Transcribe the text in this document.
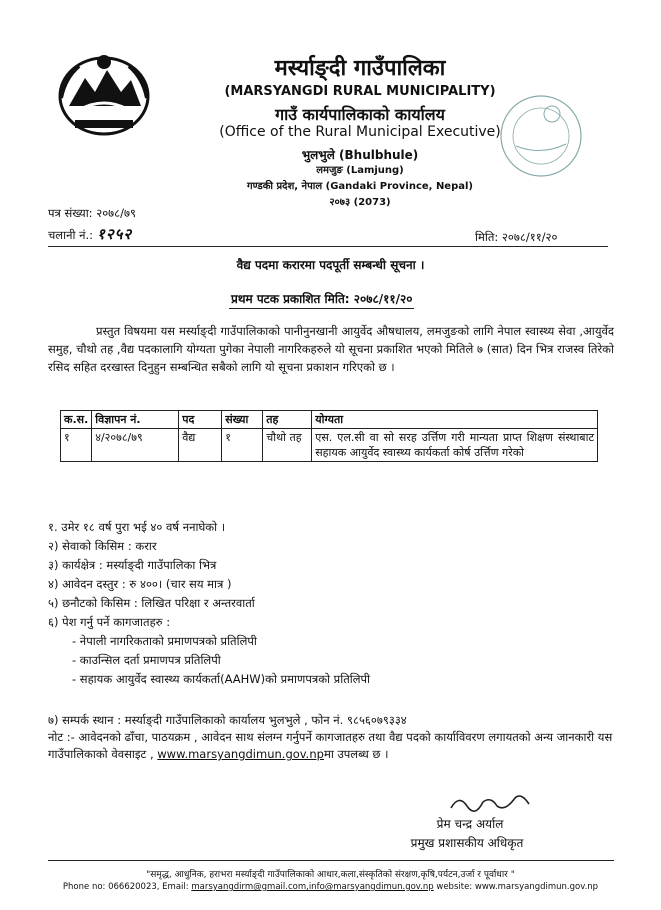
मर्स्याङ्दी गाउँपालिका
(MARSYANGDI RURAL MUNICIPALITY)
गाउँ कार्यपालिकाको कार्यालय
(Office of the Rural Municipal Executive)
भुलभुले (Bhulbhule)
लमजुङ (Lamjung)
गण्डकी प्रदेश, नेपाल (Gandaki Province, Nepal)
२०७३ (2073)
पत्र संख्या: २०७८/७९
चलानी नं.: १२५२	मिति: २०७८/११/२०
वैद्य पदमा करारमा पदपूर्ती सम्बन्धी सूचना ।
प्रथम पटक प्रकाशित मिति: २०७८/११/२०
प्रस्तुत विषयमा यस मर्स्याङ्दी गाउँपालिकाको पानीनुनखानी आयुर्वेद औषधालय, लमजुङको लागि नेपाल स्वास्थ्य सेवा ,आयुर्वेद समुह, चौथो तह ,वैद्य पदकालागि योग्यता पुगेका नेपाली नागरिकहरुले यो सूचना प्रकाशित भएको मितिले ७ (सात) दिन भित्र राजस्व तिरेको रसिद सहित दरखास्त दिनुहुन सम्बन्धित सबैको लागि यो सूचना प्रकाशन गरिएको छ ।
क.स.	विज्ञापन नं.	पद	संख्या	तह	योग्यता
१	४/२०७८/७९	वैद्य	१	चौथो तह	एस. एल.सी वा सो सरह उर्त्तिण गरी मान्यता प्राप्त शिक्षण संस्थाबाट सहायक आयुर्वेद स्वास्थ्य कार्यकर्ता कोर्ष उर्त्तिण गरेको
१. उमेर १८ वर्ष पुरा भई ४० वर्ष ननाघेको ।
२) सेवाको किसिम : करार
३) कार्यक्षेत्र : मर्स्याङ्दी गाउँपालिका भित्र
४) आवेदन दस्तुर : रु ४००। (चार सय मात्र )
५) छनौटको किसिम : लिखित परिक्षा र अन्तरवार्ता
६) पेश गर्नु पर्ने कागजातहरु :
- नेपाली नागरिकताको प्रमाणपत्रको प्रतिलिपी
- काउन्सिल दर्ता प्रमाणपत्र प्रतिलिपी
- सहायक आयुर्वेद स्वास्थ्य कार्यकर्ता(AAHW)को प्रमाणपत्रको प्रतिलिपी
७) सम्पर्क स्थान : मर्स्याङ्दी गाउँपालिकाको कार्यालय भुलभुले , फोन नं. ९८५६०७९३३४
नोट :- आवेदनको ढाँचा, पाठयक्रम , आवेदन साथ संलग्न गर्नुपर्ने कागजातहरु तथा वैद्य पदको कार्याविवरण लगायतको अन्य जानकारी यस गाउँपालिकाको वेवसाइट , www.marsyangdimun.gov.npमा उपलब्ध छ ।
प्रेम चन्द्र अर्याल
प्रमुख प्रशासकीय अधिकृत
"समृद्ध, आधुनिक, हराभरा मर्स्याङ्दी गाउँपालिकाको आधार,कला,संस्कृतिको संरक्षण,कृषि,पर्यटन,उर्जा र पूर्वाधार "
Phone no: 066620023, Email: marsyangdirm@gmail.com,info@marsyangdimun.gov.np website: www.marsyangdimun.gov.np
